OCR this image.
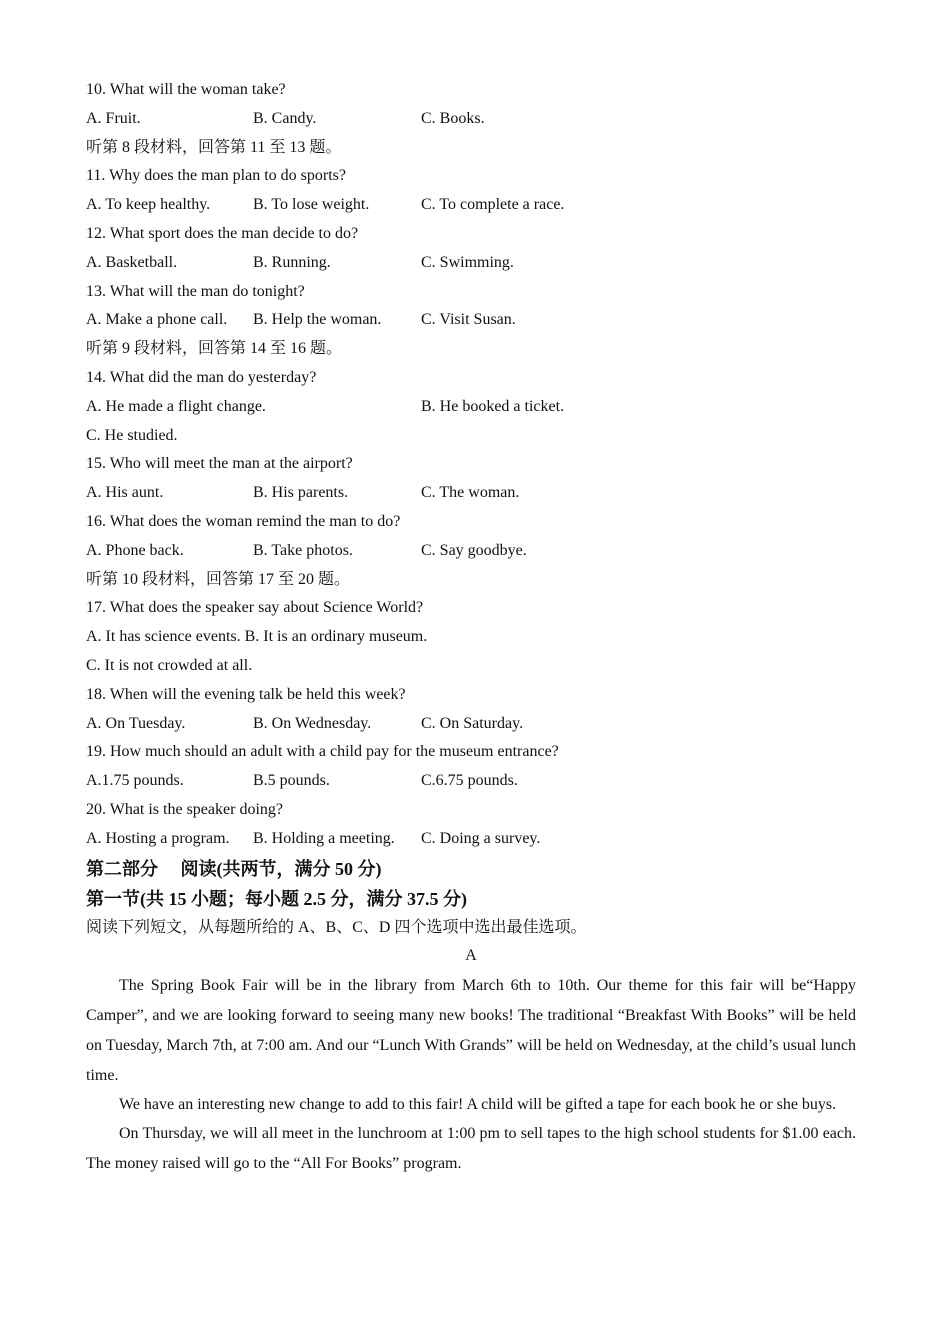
10. What will the woman take?
A. Fruit.	B. Candy.	C. Books.
听第 8 段材料，回答第 11 至 13 题。
11. Why does the man plan to do sports?
A. To keep healthy.	B. To lose weight.	C. To complete a race.
12. What sport does the man decide to do?
A. Basketball.	B. Running.	C. Swimming.
13. What will the man do tonight?
A. Make a phone call.	B. Help the woman.	C. Visit Susan.
听第 9 段材料，回答第 14 至 16 题。
14. What did the man do yesterday?
A. He made a flight change.	B. He booked a ticket.
C. He studied.
15. Who will meet the man at the airport?
A. His aunt.	B. His parents.	C. The woman.
16. What does the woman remind the man to do?
A. Phone back.	B. Take photos.	C. Say goodbye.
听第 10 段材料，回答第 17 至 20 题。
17. What does the speaker say about Science World?
A. It has science events. B. It is an ordinary museum.
C. It is not crowded at all.
18. When will the evening talk be held this week?
A. On Tuesday.	B. On Wednesday.	C. On Saturday.
19. How much should an adult with a child pay for the museum entrance?
A.1.75 pounds.	B.5 pounds.	C.6.75 pounds.
20. What is the speaker doing?
A. Hosting a program.	B. Holding a meeting.	C. Doing a survey.
第二部分　 阅读(共两节，满分 50 分)
第一节(共 15 小题；每小题 2.5 分，满分 37.5 分)
阅读下列短文，从每题所给的 A、B、C、D 四个选项中选出最佳选项。
A

The Spring Book Fair will be in the library from March 6th to 10th. Our theme for this fair will be“Happy Camper”, and we are looking forward to seeing many new books! The traditional “Breakfast With Books” will be held on Tuesday, March 7th, at 7:00 am. And our “Lunch With Grands” will be held on Wednesday, at the child’s usual lunch time.

We have an interesting new change to add to this fair! A child will be gifted a tape for each book he or she buys.

On Thursday, we will all meet in the lunchroom at 1:00 pm to sell tapes to the high school students for $1.00 each. The money raised will go to the “All For Books” program.
